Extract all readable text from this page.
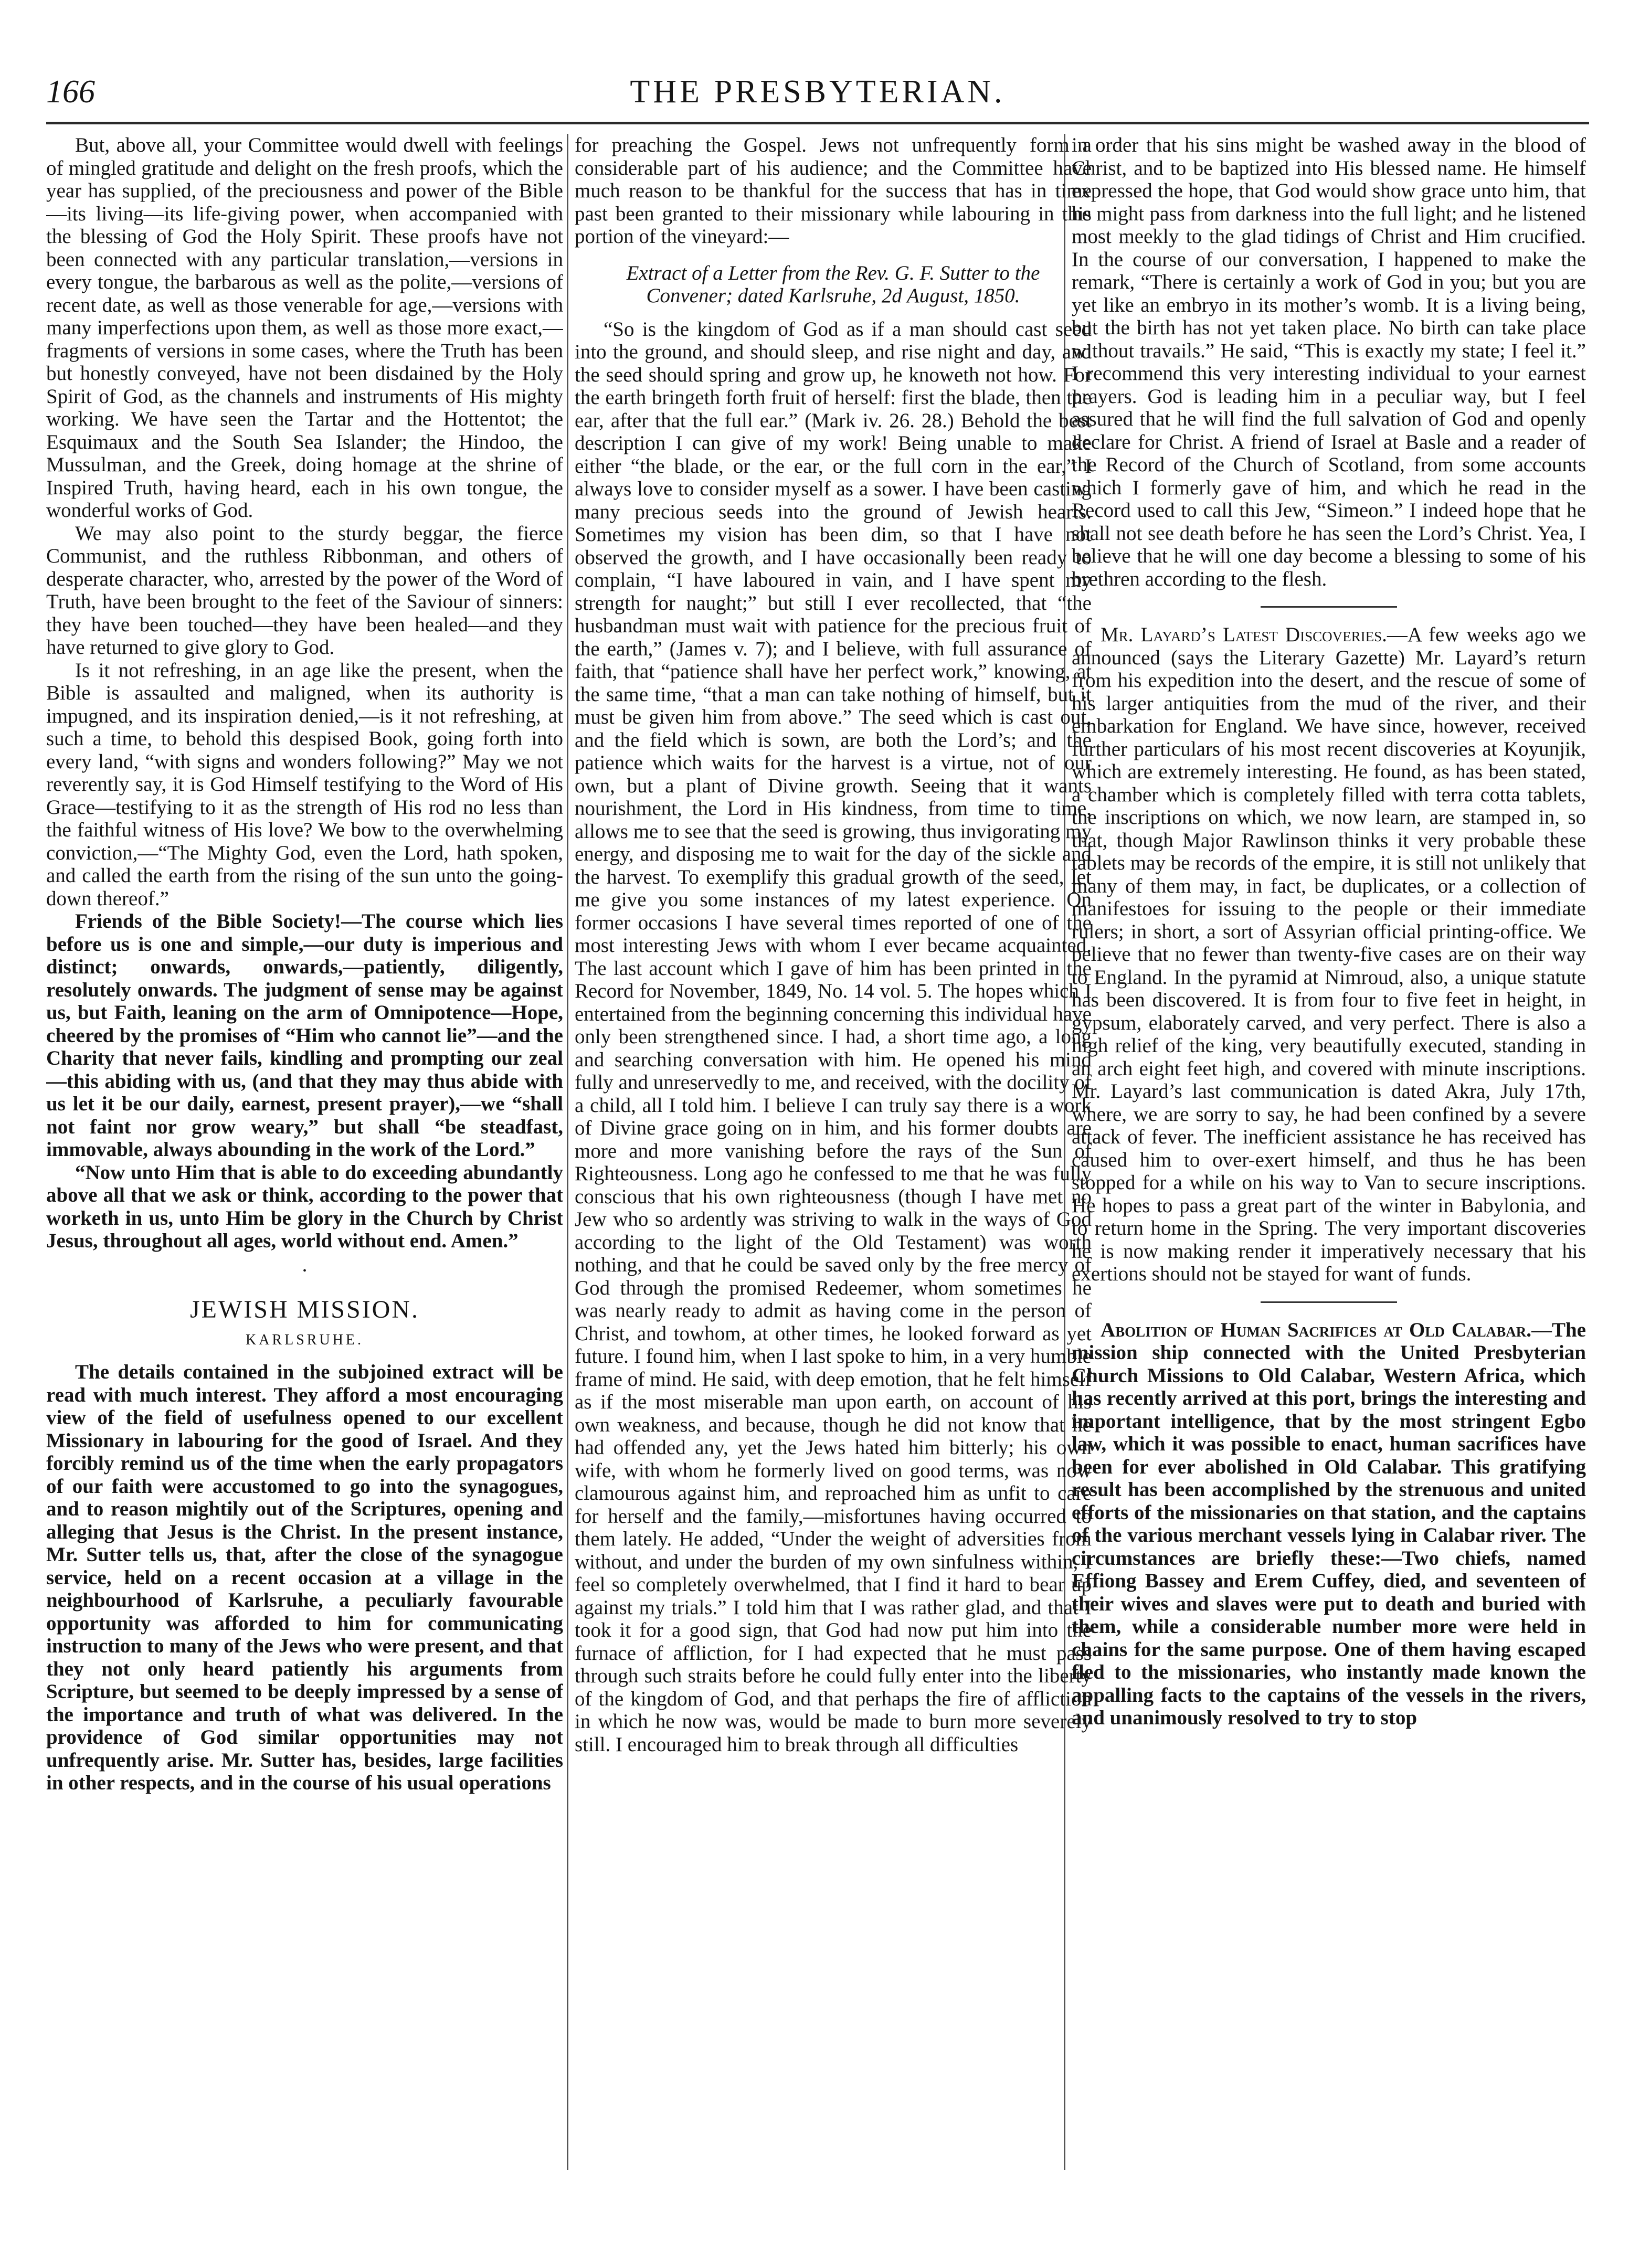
166	THE PRESBYTERIAN.

But, above all, your Committee would dwell with feelings of mingled gratitude and delight on the fresh proofs, which the year has supplied, of the preciousness and power of the Bible—its living—its life-giving power, when accompanied with the blessing of God the Holy Spirit. These proofs have not been connected with any particular translation,—versions in every tongue, the barbarous as well as the polite,—versions of recent date, as well as those venerable for age,—versions with many imperfections upon them, as well as those more exact,—fragments of versions in some cases, where the Truth has been but honestly conveyed, have not been disdained by the Holy Spirit of God, as the channels and instruments of His mighty working. We have seen the Tartar and the Hottentot; the Esquimaux and the South Sea Islander; the Hindoo, the Mussulman, and the Greek, doing homage at the shrine of Inspired Truth, having heard, each in his own tongue, the wonderful works of God.

We may also point to the sturdy beggar, the fierce Communist, and the ruthless Ribbonman, and others of desperate character, who, arrested by the power of the Word of Truth, have been brought to the feet of the Saviour of sinners: they have been touched—they have been healed—and they have returned to give glory to God.

Is it not refreshing, in an age like the present, when the Bible is assaulted and maligned, when its authority is impugned, and its inspiration denied,—is it not refreshing, at such a time, to behold this despised Book, going forth into every land, “with signs and wonders following?” May we not reverently say, it is God Himself testifying to the Word of His Grace—testifying to it as the strength of His rod no less than the faithful witness of His love? We bow to the overwhelming conviction,—“The Mighty God, even the Lord, hath spoken, and called the earth from the rising of the sun unto the going-down thereof.”

Friends of the Bible Society!—The course which lies before us is one and simple,—our duty is imperious and distinct; onwards, onwards,—patiently, diligently, resolutely onwards. The judgment of sense may be against us, but Faith, leaning on the arm of Omnipotence—Hope, cheered by the promises of “Him who cannot lie”—and the Charity that never fails, kindling and prompting our zeal—this abiding with us, (and that they may thus abide with us let it be our daily, earnest, present prayer),—we “shall not faint nor grow weary,” but shall “be steadfast, immovable, always abounding in the work of the Lord.”

“Now unto Him that is able to do exceeding abundantly above all that we ask or think, according to the power that worketh in us, unto Him be glory in the Church by Christ Jesus, throughout all ages, world without end. Amen.”

•
JEWISH MISSION.
KARLSRUHE.

The details contained in the subjoined extract will be read with much interest. They afford a most encouraging view of the field of usefulness opened to our excellent Missionary in labouring for the good of Israel. And they forcibly remind us of the time when the early propagators of our faith were accustomed to go into the synagogues, and to reason mightily out of the Scriptures, opening and alleging that Jesus is the Christ. In the present instance, Mr. Sutter tells us, that, after the close of the synagogue service, held on a recent occasion at a village in the neighbourhood of Karlsruhe, a peculiarly favourable opportunity was afforded to him for communicating instruction to many of the Jews who were present, and that they not only heard patiently his arguments from Scripture, but seemed to be deeply impressed by a sense of the importance and truth of what was delivered. In the providence of God similar opportunities may not unfrequently arise. Mr. Sutter has, besides, large facilities in other respects, and in the course of his usual operations

for preaching the Gospel. Jews not unfrequently form a considerable part of his audience; and the Committee have much reason to be thankful for the success that has in time past been granted to their missionary while labouring in this portion of the vineyard:—

Extract of a Letter from the Rev. G. F. Sutter to the Convener; dated Karlsruhe, 2d August, 1850.

“So is the kingdom of God as if a man should cast seed into the ground, and should sleep, and rise night and day, and the seed should spring and grow up, he knoweth not how. For the earth bringeth forth fruit of herself: first the blade, then the ear, after that the full ear.” (Mark iv. 26. 28.) Behold the best description I can give of my work! Being unable to make either “the blade, or the ear, or the full corn in the ear,” I always love to consider myself as a sower. I have been casting many precious seeds into the ground of Jewish hearts. Sometimes my vision has been dim, so that I have not observed the growth, and I have occasionally been ready to complain, “I have laboured in vain, and I have spent my strength for naught;” but still I ever recollected, that “the husbandman must wait with patience for the precious fruit of the earth,” (James v. 7); and I believe, with full assurance of faith, that “patience shall have her perfect work,” knowing, at the same time, “that a man can take nothing of himself, but it must be given him from above.” The seed which is cast out, and the field which is sown, are both the Lord’s; and the patience which waits for the harvest is a virtue, not of our own, but a plant of Divine growth. Seeing that it wants nourishment, the Lord in His kindness, from time to time, allows me to see that the seed is growing, thus invigorating my energy, and disposing me to wait for the day of the sickle and the harvest. To exemplify this gradual growth of the seed, let me give you some instances of my latest experience. On former occasions I have several times reported of one of the most interesting Jews with whom I ever became acquainted. The last account which I gave of him has been printed in the Record for November, 1849, No. 14 vol. 5. The hopes which I entertained from the beginning concerning this individual have only been strengthened since. I had, a short time ago, a long and searching conversation with him. He opened his mind fully and unreservedly to me, and received, with the docility of a child, all I told him. I believe I can truly say there is a work of Divine grace going on in him, and his former doubts are more and more vanishing before the rays of the Sun of Righteousness. Long ago he confessed to me that he was fully conscious that his own righteousness (though I have met no Jew who so ardently was striving to walk in the ways of God according to the light of the Old Testament) was worth nothing, and that he could be saved only by the free mercy of God through the promised Redeemer, whom sometimes he was nearly ready to admit as having come in the person of Christ, and towhom, at other times, he looked forward as yet future. I found him, when I last spoke to him, in a very humble frame of mind. He said, with deep emotion, that he felt himself as if the most miserable man upon earth, on account of his own weakness, and because, though he did not know that he had offended any, yet the Jews hated him bitterly; his own wife, with whom he formerly lived on good terms, was now clamourous against him, and reproached him as unfit to care for herself and the family,—misfortunes having occurred to them lately. He added, “Under the weight of adversities from without, and under the burden of my own sinfulness within, I feel so completely overwhelmed, that I find it hard to bear up against my trials.” I told him that I was rather glad, and that I took it for a good sign, that God had now put him into the furnace of affliction, for I had expected that he must pass through such straits before he could fully enter into the liberty of the kingdom of God, and that perhaps the fire of affliction in which he now was, would be made to burn more severely still. I encouraged him to break through all difficulties

in order that his sins might be washed away in the blood of Christ, and to be baptized into His blessed name. He himself expressed the hope, that God would show grace unto him, that he might pass from darkness into the full light; and he listened most meekly to the glad tidings of Christ and Him crucified. In the course of our conversation, I happened to make the remark, “There is certainly a work of God in you; but you are yet like an embryo in its mother’s womb. It is a living being, but the birth has not yet taken place. No birth can take place without travails.” He said, “This is exactly my state; I feel it.” I recommend this very interesting individual to your earnest prayers. God is leading him in a peculiar way, but I feel assured that he will find the full salvation of God and openly declare for Christ. A friend of Israel at Basle and a reader of the Record of the Church of Scotland, from some accounts which I formerly gave of him, and which he read in the Record used to call this Jew, “Simeon.” I indeed hope that he shall not see death before he has seen the Lord’s Christ. Yea, I believe that he will one day become a blessing to some of his brethren according to the flesh.

Mr. Layard’s Latest Discoveries.—A few weeks ago we announced (says the Literary Gazette) Mr. Layard’s return from his expedition into the desert, and the rescue of some of his larger antiquities from the mud of the river, and their embarkation for England. We have since, however, received further particulars of his most recent discoveries at Koyunjik, which are extremely interesting. He found, as has been stated, a chamber which is completely filled with terra cotta tablets, the inscriptions on which, we now learn, are stamped in, so that, though Major Rawlinson thinks it very probable these tablets may be records of the empire, it is still not unlikely that many of them may, in fact, be duplicates, or a collection of manifestoes for issuing to the people or their immediate rulers; in short, a sort of Assyrian official printing-office. We believe that no fewer than twenty-five cases are on their way to England. In the pyramid at Nimroud, also, a unique statute has been discovered. It is from four to five feet in height, in gypsum, elaborately carved, and very perfect. There is also a high relief of the king, very beautifully executed, standing in an arch eight feet high, and covered with minute inscriptions. Mr. Layard’s last communication is dated Akra, July 17th, where, we are sorry to say, he had been confined by a severe attack of fever. The inefficient assistance he has received has caused him to over-exert himself, and thus he has been stopped for a while on his way to Van to secure inscriptions. He hopes to pass a great part of the winter in Babylonia, and to return home in the Spring. The very important discoveries he is now making render it imperatively necessary that his exertions should not be stayed for want of funds.

Abolition of Human Sacrifices at Old Calabar.—The mission ship connected with the United Presbyterian Church Missions to Old Calabar, Western Africa, which has recently arrived at this port, brings the interesting and important intelligence, that by the most stringent Egbo law, which it was possible to enact, human sacrifices have been for ever abolished in Old Calabar. This gratifying result has been accomplished by the strenuous and united efforts of the missionaries on that station, and the captains of the various merchant vessels lying in Calabar river. The circumstances are briefly these:—Two chiefs, named Effiong Bassey and Erem Cuffey, died, and seventeen of their wives and slaves were put to death and buried with them, while a considerable number more were held in chains for the same purpose. One of them having escaped fled to the missionaries, who instantly made known the appalling facts to the captains of the vessels in the rivers, and unanimously resolved to try to stop
